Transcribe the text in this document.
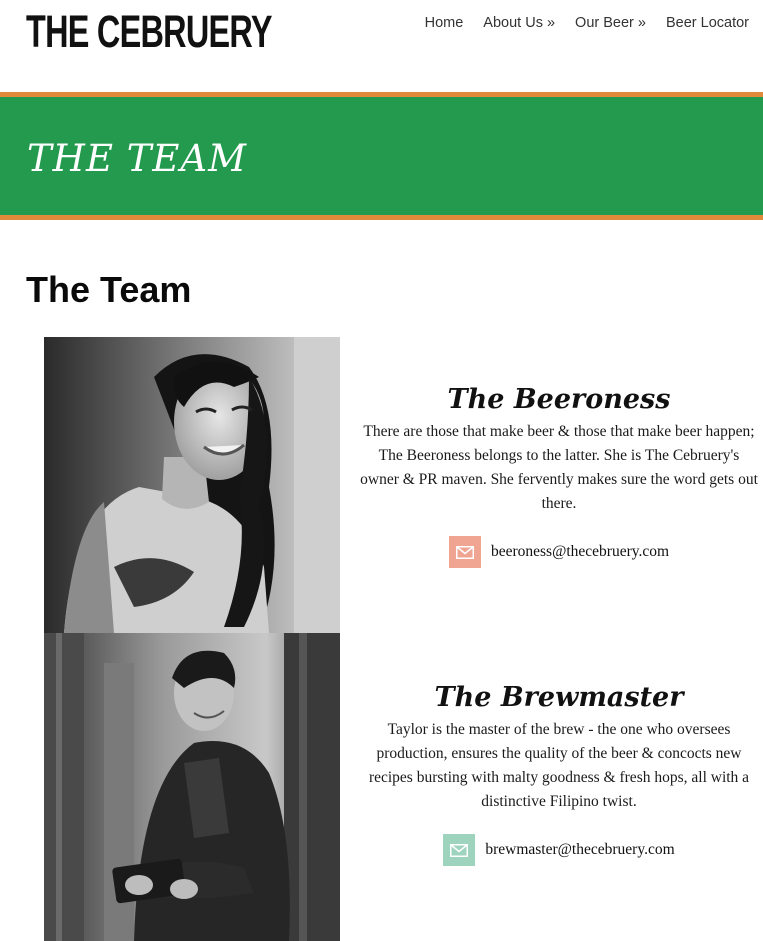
THE CEBRUERY	Home	About Us »	Our Beer »	Beer Locator
THE TEAM
The Team
The Beeroness

There are those that make beer & those that make beer happen; The Beeroness belongs to the latter. She is The Cebruery's owner & PR maven. She fervently makes sure the word gets out there.

beeroness@thecebruery.com
The Brewmaster

Taylor is the master of the brew - the one who oversees production, ensures the quality of the beer & concocts new recipes bursting with malty goodness & fresh hops, all with a distinctive Filipino twist.

brewmaster@thecebruery.com
